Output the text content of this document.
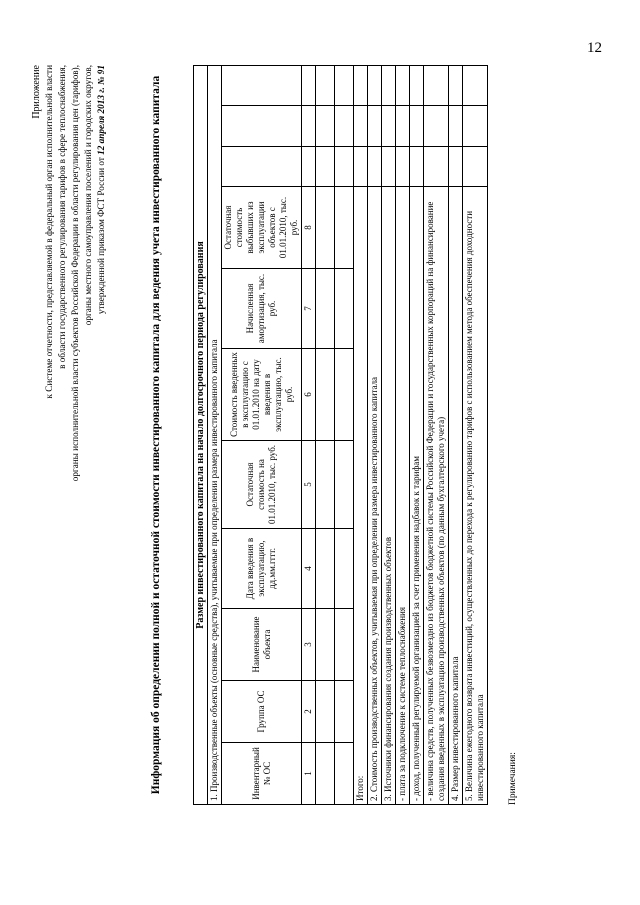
12
Приложение к Системе отчетности, представляемой в федеральный орган исполнительной власти в области государственного регулирования тарифов в сфере теплоснабжения, органы исполнительной власти субъектов Российской Федерации в области регулирования цен (тарифов), органы местного самоуправления поселений и городских округов, утвержденной приказом ФСТ России от 12 апреля 2013 г. № 91	Информация об определении полной и остаточной стоимости инвестированного капитала для ведения учета инвестированного капитала	Размер инвестированного капитала на начало долгосрочного периода регулирования										
1. Производственные объекты (основные средства), учитываемые при определении размера инвестированного капитала										
Инвентарный № ОС	Группа ОС	Наименование объекта	Дата введения в эксплуатацию, дд.мм.гггг.	Остаточная стоимость на 01.01.2010, тыс. руб.	Стоимость введенных в эксплуатацию с 01.01.2010 на дату введения в эксплуатацию, тыс. руб.	Начисленная амортизация, тыс. руб.	Остаточная стоимость выбывших из эксплуатации объектов с 01.01.2010, тыс. руб.			
1	2	3	4	5	6	7	8			

Итого:										
2. Стоимость производственных объектов, учитываемая при определении размера инвестированного капитала										
3. Источники финансирования создания производственных объектов										
- плата за подключение к системе теплоснабжения										
- доход, полученный регулируемой организацией за счет применения надбавок к тарифам										
- величина средств, полученных безвозмездно из бюджетов бюджетной системы Российской Федерации и государственных корпораций на финансирование создания введенных в эксплуатацию производственных объектов (по данным бухгалтерского учета)										
4. Размер инвестированного капитала										
5. Величина ежегодного возврата инвестиций, осуществленных до перехода к регулированию тарифов с использованием метода обеспечения доходности инвестированного капитала										Примечания:
